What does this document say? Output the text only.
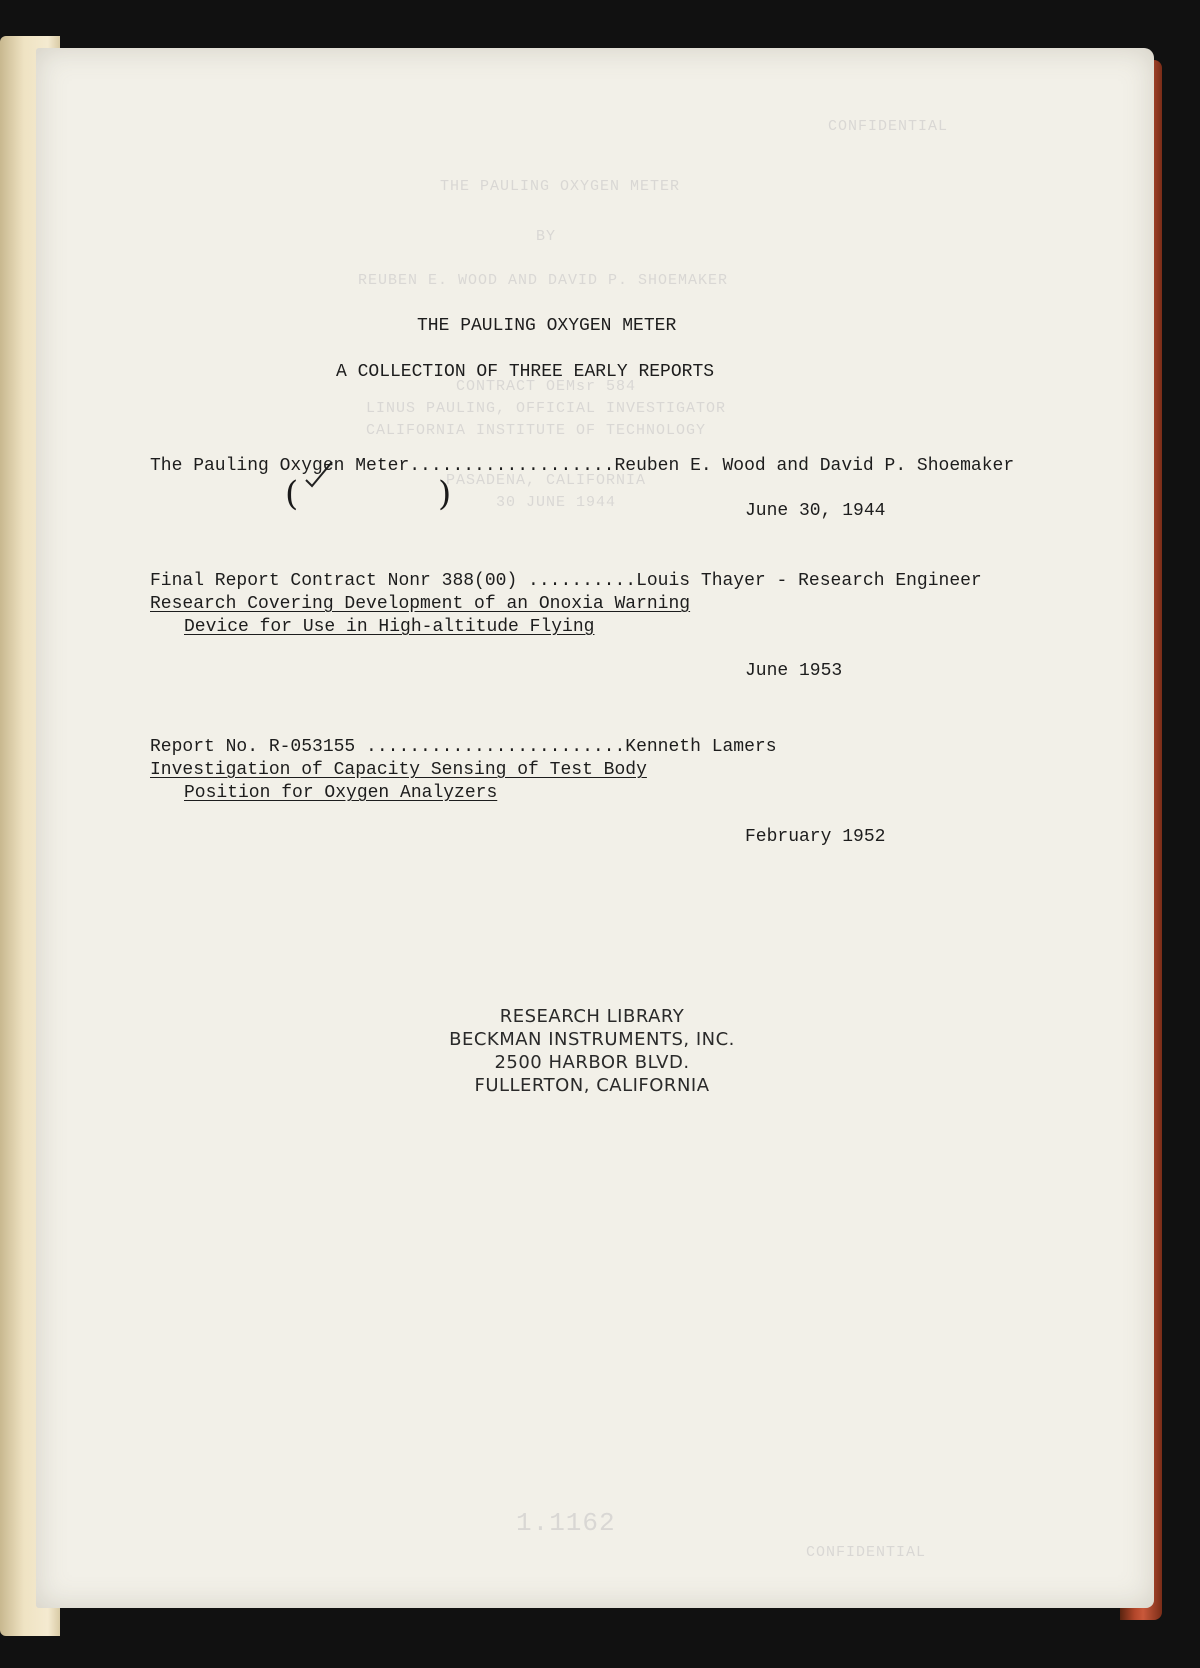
CONFIDENTIAL
THE PAULING OXYGEN METER
BY
REUBEN E. WOOD AND DAVID P. SHOEMAKER
CONTRACT OEMsr 584
LINUS PAULING, OFFICIAL INVESTIGATOR
CALIFORNIA INSTITUTE OF TECHNOLOGY
PASADENA, CALIFORNIA
30 JUNE 1944
1.1162
CONFIDENTIAL
THE PAULING OXYGEN METER
A COLLECTION OF THREE EARLY REPORTS
(	)
The Pauling Oxygen Meter...................Reuben E. Wood and David P. Shoemaker
June 30, 1944
Final Report Contract Nonr 388(00) ..........Louis Thayer - Research Engineer
Research Covering Development of an Onoxia Warning
Device for Use in High-altitude Flying
June 1953
Report No. R-053155 ........................Kenneth Lamers
Investigation of Capacity Sensing of Test Body
Position for Oxygen Analyzers
February 1952
RESEARCH LIBRARY
BECKMAN INSTRUMENTS, INC.
2500 HARBOR BLVD.
FULLERTON, CALIFORNIA
